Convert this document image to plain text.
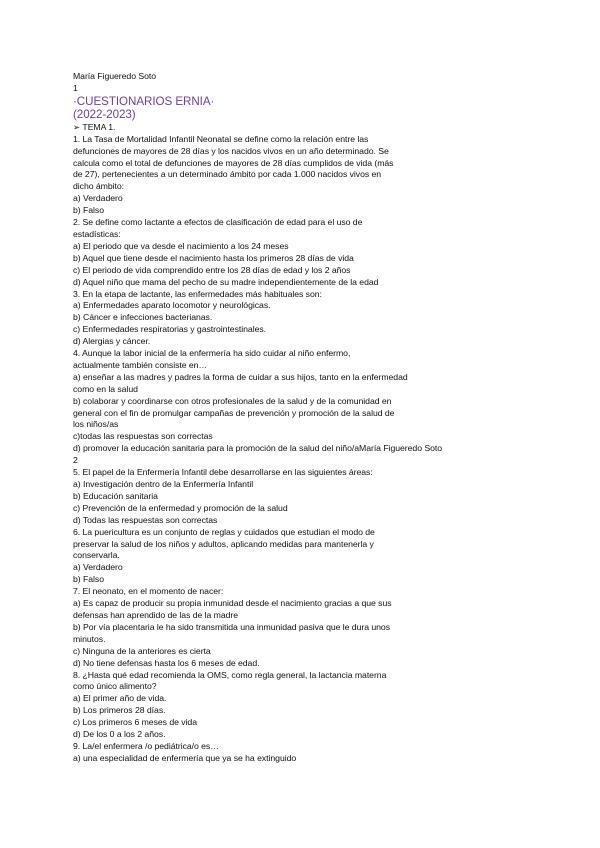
María Figueredo Soto
1
·CUESTIONARIOS ERNIA·
(2022-2023)
➢ TEMA 1.
1. La Tasa de Mortalidad Infantil Neonatal se define como la relación entre las
defunciones de mayores de 28 días y los nacidos vivos en un año determinado. Se
calcula como el total de defunciones de mayores de 28 días cumplidos de vida (más
de 27), pertenecientes a un determinado ámbito por cada 1.000 nacidos vivos en
dicho ámbito:
a) Verdadero
b) Falso
2. Se define como lactante a efectos de clasificación de edad para el uso de
estadísticas:
a) El periodo que va desde el nacimiento a los 24 meses
b) Aquel que tiene desde el nacimiento hasta los primeros 28 días de vida
c) El periodo de vida comprendido entre los 28 días de edad y los 2 años
d) Aquel niño que mama del pecho de su madre independientemente de la edad
3. En la etapa de lactante, las enfermedades más habituales son:
a) Enfermedades aparato locomotor y neurológicas.
b) Cáncer e infecciones bacterianas.
c) Enfermedades respiratorias y gastrointestinales.
d) Alergias y cáncer.
4. Aunque la labor inicial de la enfermería ha sido cuidar al niño enfermo,
actualmente también consiste en…
a) enseñar a las madres y padres la forma de cuidar a sus hijos, tanto en la enfermedad
como en la salud
b) colaborar y coordinarse con otros profesionales de la salud y de la comunidad en
general con el fin de promulgar campañas de prevención y promoción de la salud de
los niños/as
c)todas las respuestas son correctas
d) promover la educación sanitaria para la promoción de la salud del niño/aMaría Figueredo Soto
2
5. El papel de la Enfermería Infantil debe desarrollarse en las siguientes áreas:
a) Investigación dentro de la Enfermería Infantil
b) Educación sanitaria
c) Prevención de la enfermedad y promoción de la salud
d) Todas las respuestas son correctas
6. La puericultura es un conjunto de reglas y cuidados que estudian el modo de
preservar la salud de los niños y adultos, aplicando medidas para mantenerla y
conservarla.
a) Verdadero
b) Falso
7. El neonato, en el momento de nacer:
a) Es capaz de producir su propia inmunidad desde el nacimiento gracias a que sus
defensas han aprendido de las de la madre
b) Por vía placentaria le ha sido transmitida una inmunidad pasiva que le dura unos
minutos.
c) Ninguna de la anteriores es cierta
d) No tiene defensas hasta los 6 meses de edad.
8. ¿Hasta qué edad recomienda la OMS, como regla general, la lactancia materna
como único alimento?
a) El primer año de vida.
b) Los primeros 28 días.
c) Los primeros 6 meses de vida
d) De los 0 a los 2 años.
9. La/el enfermera /o pediátrica/o es…
a) una especialidad de enfermería que ya se ha extinguido
